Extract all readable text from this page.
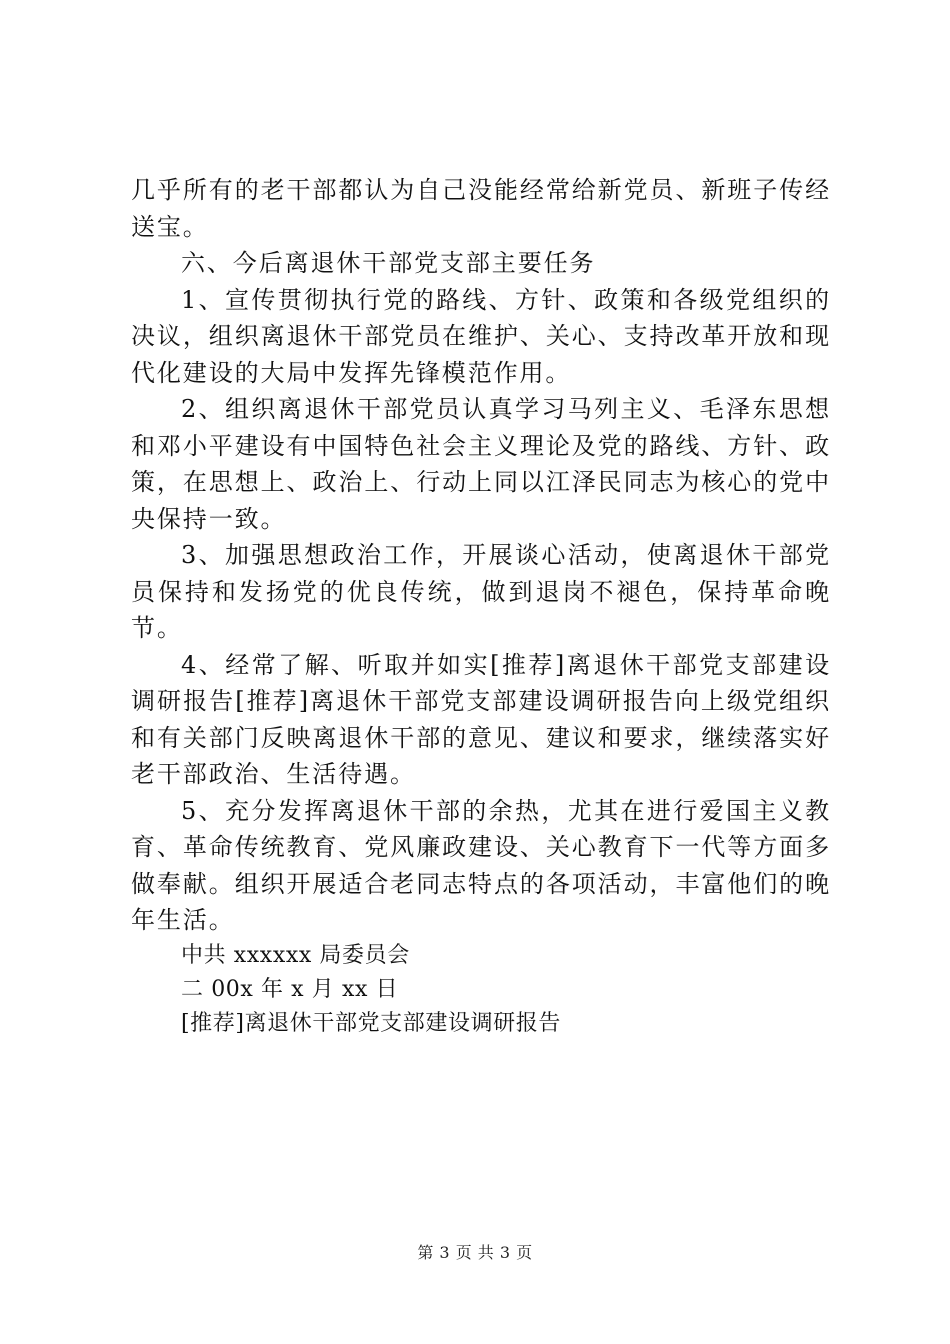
几乎所有的老干部都认为自己没能经常给新党员、新班子传经送宝。

六、今后离退休干部党支部主要任务

1、宣传贯彻执行党的路线、方针、政策和各级党组织的决议，组织离退休干部党员在维护、关心、支持改革开放和现代化建设的大局中发挥先锋模范作用。

2、组织离退休干部党员认真学习马列主义、毛泽东思想和邓小平建设有中国特色社会主义理论及党的路线、方针、政策，在思想上、政治上、行动上同以江泽民同志为核心的党中央保持一致。

3、加强思想政治工作，开展谈心活动，使离退休干部党员保持和发扬党的优良传统，做到退岗不褪色，保持革命晚节。

4、经常了解、听取并如实[推荐]离退休干部党支部建设调研报告[推荐]离退休干部党支部建设调研报告向上级党组织和有关部门反映离退休干部的意见、建议和要求，继续落实好老干部政治、生活待遇。

5、充分发挥离退休干部的余热，尤其在进行爱国主义教育、革命传统教育、党风廉政建设、关心教育下一代等方面多做奉献。组织开展适合老同志特点的各项活动，丰富他们的晚年生活。

中共 xxxxxx 局委员会

二 00x 年 x 月 xx 日

[推荐]离退休干部党支部建设调研报告

第 3 页 共 3 页
